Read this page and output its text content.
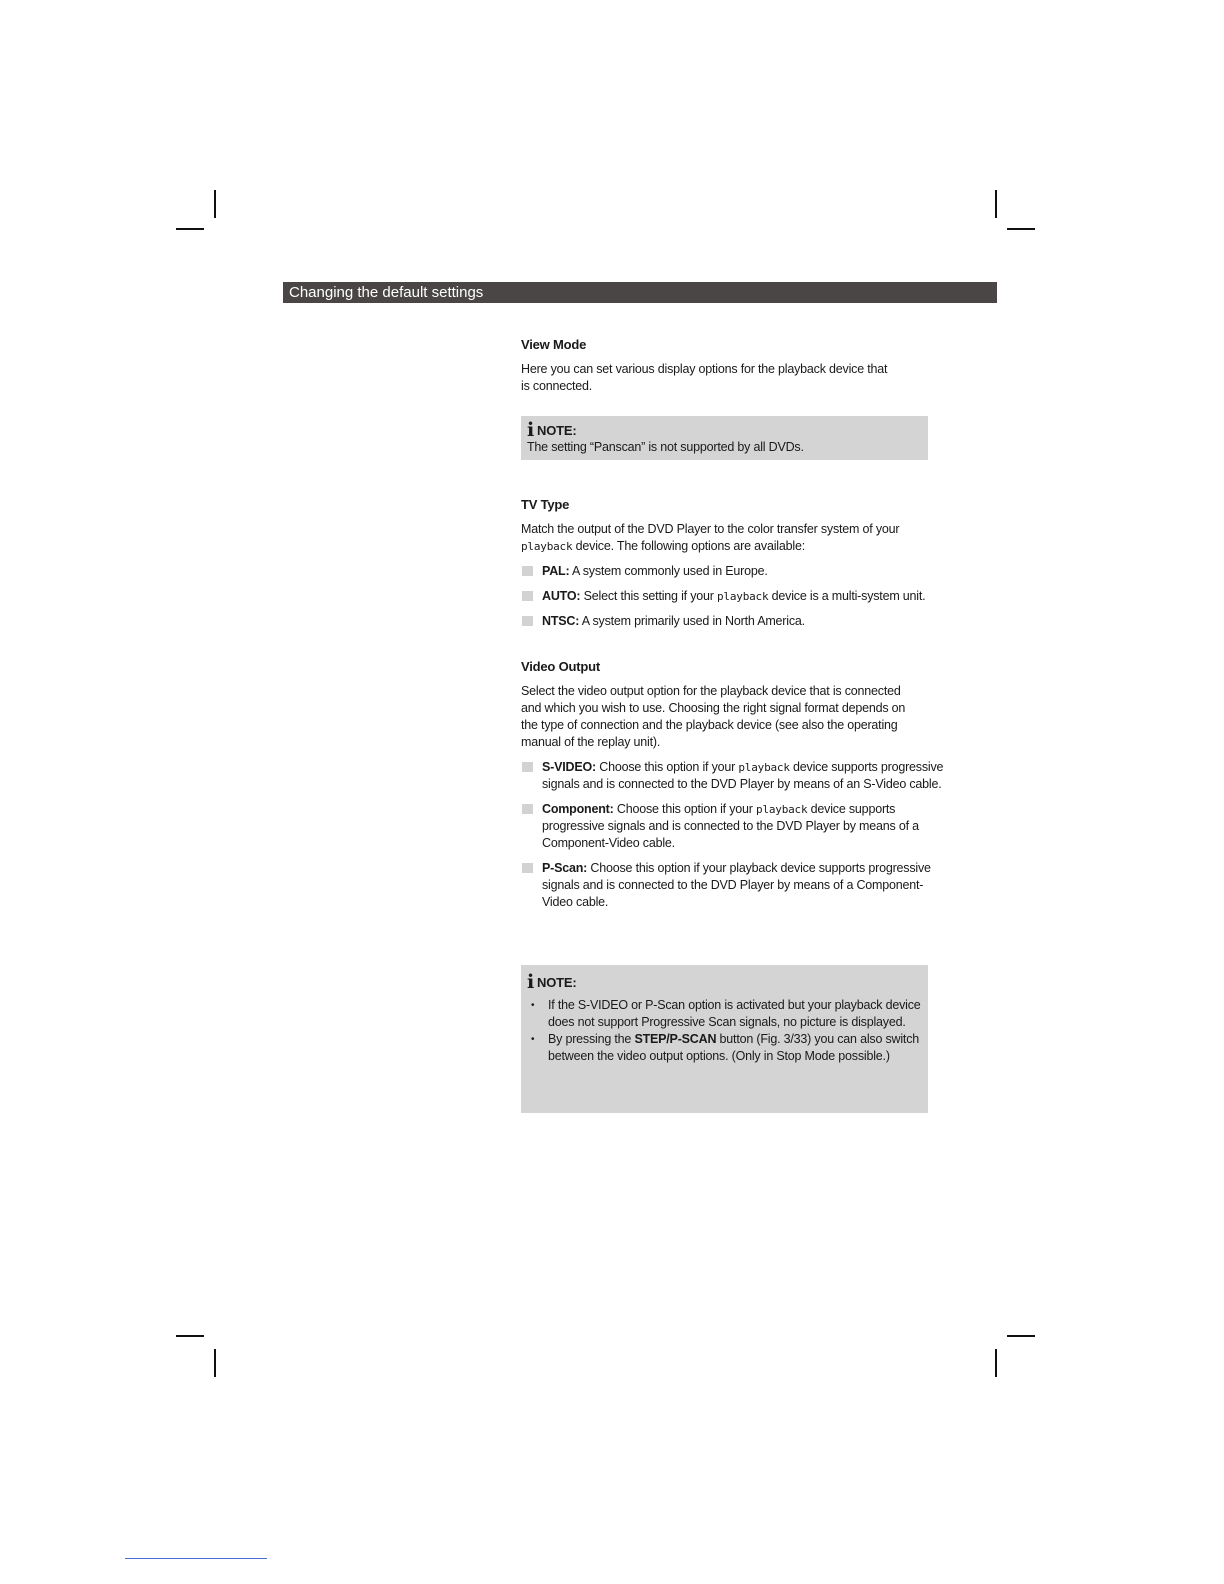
Changing the default settings
View Mode
Here you can set various display options for the playback device that is connected.
i NOTE:
The setting “Panscan” is not supported by all DVDs.
TV Type
Match the output of the DVD Player to the color transfer system of your playback device. The following options are available:
PAL: A system commonly used in Europe.
AUTO: Select this setting if your playback device is a multi-system unit.
NTSC: A system primarily used in North America.
Video Output
Select the video output option for the playback device that is connected and which you wish to use. Choosing the right signal format depends on the type of connection and the playback device (see also the operating manual of the replay unit).
S-VIDEO: Choose this option if your playback device supports progressive signals and is connected to the DVD Player by means of an S-Video cable.
Component: Choose this option if your playback device supports progressive signals and is connected to the DVD Player by means of a Component-Video cable.
P-Scan: Choose this option if your playback device supports progressive signals and is connected to the DVD Player by means of a Component-Video cable.
i NOTE:
• If the S-VIDEO or P-Scan option is activated but your playback device does not support Progressive Scan signals, no picture is displayed.
• By pressing the STEP/P-SCAN button (Fig. 3/33) you can also switch between the video output options. (Only in Stop Mode possible.)
